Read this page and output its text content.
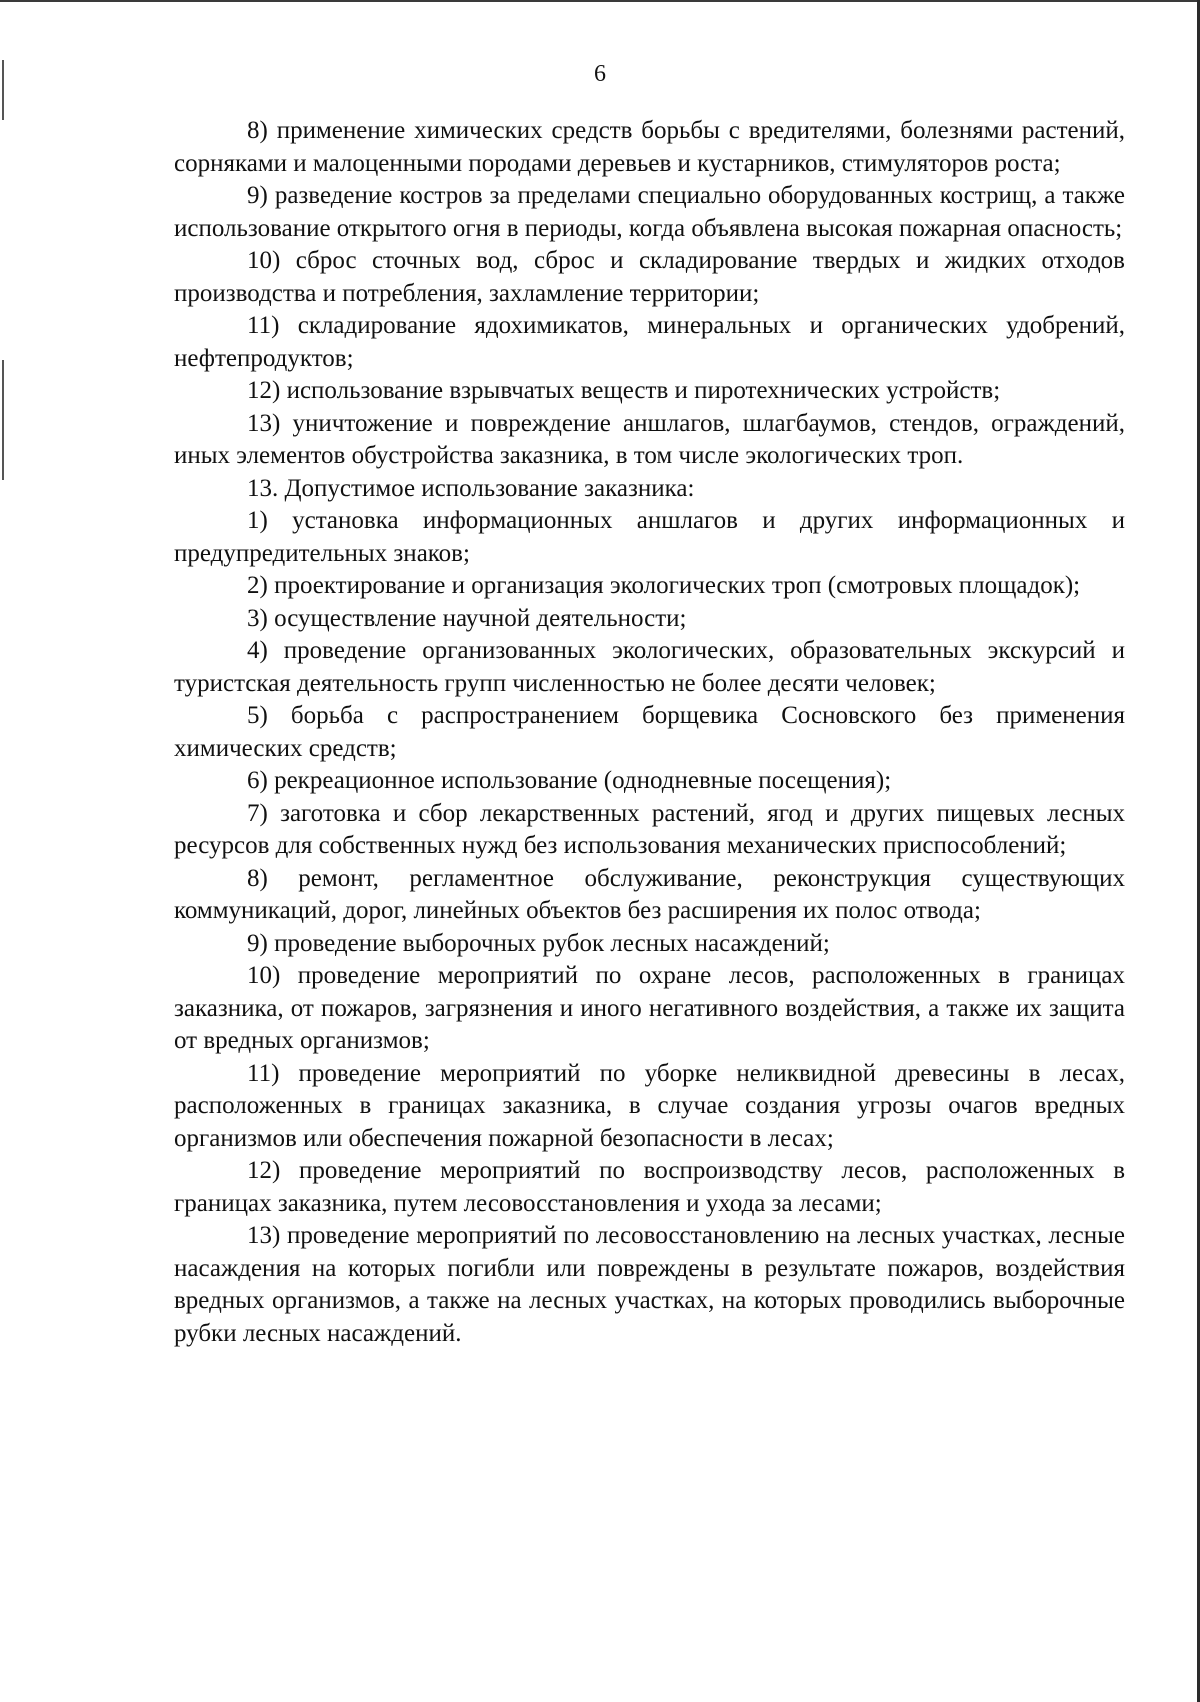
6

8) применение химических средств борьбы с вредителями, болезнями растений, сорняками и малоценными породами деревьев и кустарников, стимуляторов роста;

9) разведение костров за пределами специально оборудованных кострищ, а также использование открытого огня в периоды, когда объявлена высокая пожарная опасность;

10) сброс сточных вод, сброс и складирование твердых и жидких отходов производства и потребления, захламление территории;

11) складирование ядохимикатов, минеральных и органических удобрений, нефтепродуктов;

12) использование взрывчатых веществ и пиротехнических устройств;

13) уничтожение и повреждение аншлагов, шлагбаумов, стендов, ограждений, иных элементов обустройства заказника, в том числе экологических троп.

13. Допустимое использование заказника:

1) установка информационных аншлагов и других информационных и предупредительных знаков;

2) проектирование и организация экологических троп (смотровых площадок);

3) осуществление научной деятельности;

4) проведение организованных экологических, образовательных экскурсий и туристская деятельность групп численностью не более десяти человек;

5) борьба с распространением борщевика Сосновского без применения химических средств;

6) рекреационное использование (однодневные посещения);

7) заготовка и сбор лекарственных растений, ягод и других пищевых лесных ресурсов для собственных нужд без использования механических приспособлений;

8) ремонт, регламентное обслуживание, реконструкция существующих коммуникаций, дорог, линейных объектов без расширения их полос отвода;

9) проведение выборочных рубок лесных насаждений;

10) проведение мероприятий по охране лесов, расположенных в границах заказника, от пожаров, загрязнения и иного негативного воздействия, а также их защита от вредных организмов;

11) проведение мероприятий по уборке неликвидной древесины в лесах, расположенных в границах заказника, в случае создания угрозы очагов вредных организмов или обеспечения пожарной безопасности в лесах;

12) проведение мероприятий по воспроизводству лесов, расположенных в границах заказника, путем лесовосстановления и ухода за лесами;

13) проведение мероприятий по лесовосстановлению на лесных участках, лесные насаждения на которых погибли или повреждены в результате пожаров, воздействия вредных организмов, а также на лесных участках, на которых проводились выборочные рубки лесных насаждений.
